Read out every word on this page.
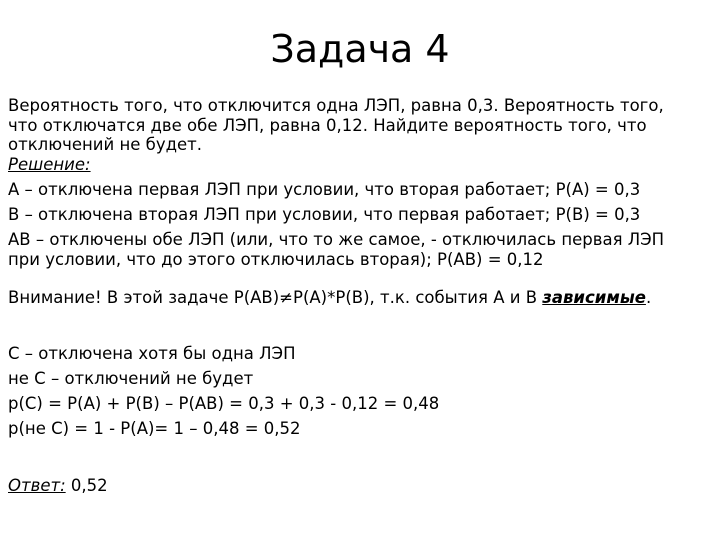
Задача 4
Вероятность того, что отключится одна ЛЭП, равна 0,3. Вероятность того,
что отключатся две обе ЛЭП, равна 0,12. Найдите вероятность того, что
отключений не будет.
Решение:
А – отключена первая ЛЭП при условии, что вторая работает; Р(А) = 0,3
В – отключена вторая ЛЭП при условии, что первая работает; Р(В) = 0,3
АВ – отключены обе ЛЭП (или, что то же самое, - отключилась первая ЛЭП
при условии, что до этого отключилась вторая); Р(АВ) = 0,12
Внимание! В этой задаче Р(АВ)≠Р(А)*Р(В), т.к. события А и В зависимые.
С – отключена хотя бы одна ЛЭП
не С – отключений не будет
р(С) = Р(А) + Р(В) – Р(АВ) = 0,3 + 0,3 - 0,12 = 0,48
р(не С) = 1 - Р(А)= 1 – 0,48 = 0,52
Ответ: 0,52
